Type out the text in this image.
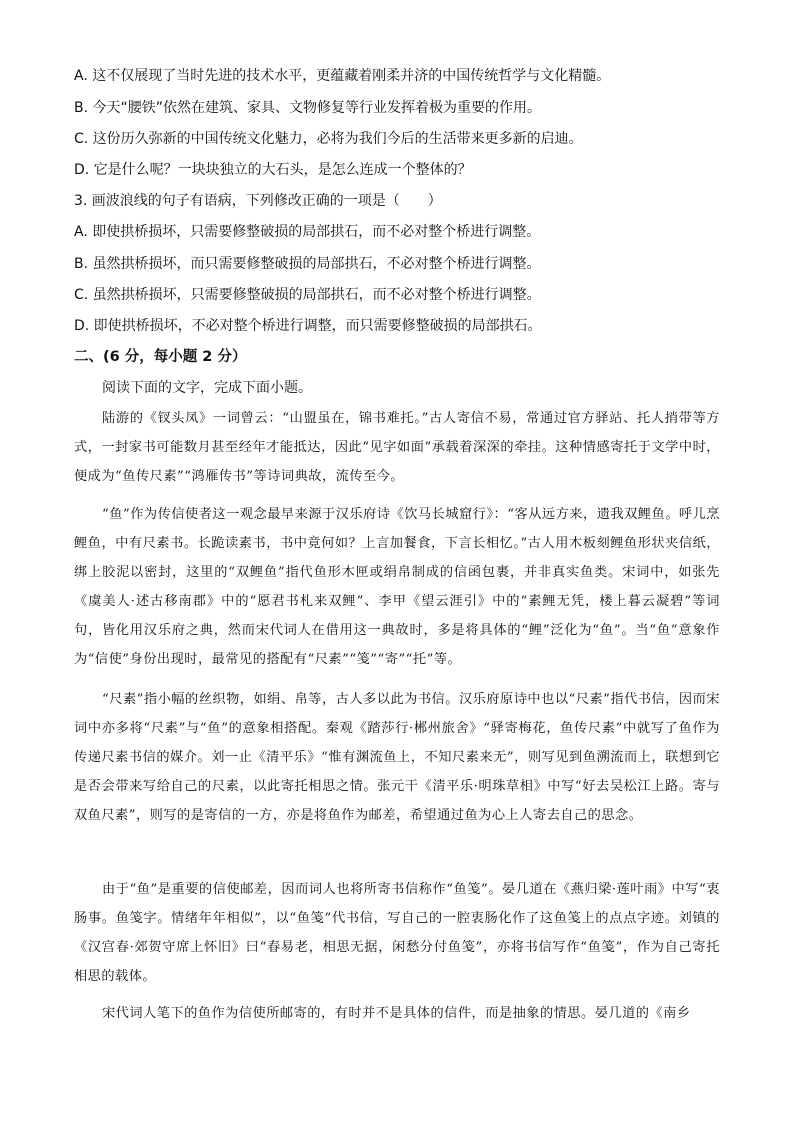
A. 这不仅展现了当时先进的技术水平，更蕴藏着刚柔并济的中国传统哲学与文化精髓。
B. 今天“腰铁”依然在建筑、家具、文物修复等行业发挥着极为重要的作用。
C. 这份历久弥新的中国传统文化魅力，必将为我们今后的生活带来更多新的启迪。
D. 它是什么呢？一块块独立的大石头，是怎么连成一个整体的？
3. 画波浪线的句子有语病，下列修改正确的一项是（　　）
A. 即使拱桥损坏，只需要修整破损的局部拱石，而不必对整个桥进行调整。
B. 虽然拱桥损坏，而只需要修整破损的局部拱石，不必对整个桥进行调整。
C. 虽然拱桥损坏，只需要修整破损的局部拱石，而不必对整个桥进行调整。
D. 即使拱桥损坏，不必对整个桥进行调整，而只需要修整破损的局部拱石。
二、(6 分，每小题 2 分）
阅读下面的文字，完成下面小题。

陆游的《钗头凤》一词曾云：“山盟虽在，锦书难托。”古人寄信不易，常通过官方驿站、托人捎带等方式，一封家书可能数月甚至经年才能抵达，因此“见字如面”承载着深深的牵挂。这种情感寄托于文学中时，便成为“鱼传尺素”“鸿雁传书”等诗词典故，流传至今。

“鱼”作为传信使者这一观念最早来源于汉乐府诗《饮马长城窟行》：“客从远方来，遗我双鲤鱼。呼儿烹鲤鱼，中有尺素书。长跪读素书，书中竟何如？上言加餐食，下言长相忆。”古人用木板刻鲤鱼形状夹信纸，绑上胶泥以密封，这里的“双鲤鱼”指代鱼形木匣或绢帛制成的信函包裹，并非真实鱼类。宋词中，如张先《虞美人·述古移南郡》中的“愿君书札来双鲤”、李甲《望云涯引》中的“素鲤无凭，楼上暮云凝碧”等词句，皆化用汉乐府之典，然而宋代词人在借用这一典故时，多是将具体的“鲤”泛化为“鱼”。当“鱼”意象作为“信使”身份出现时，最常见的搭配有“尺素”“笺”“寄”“托”等。

“尺素”指小幅的丝织物，如绢、帛等，古人多以此为书信。汉乐府原诗中也以“尺素”指代书信，因而宋词中亦多将“尺素”与“鱼”的意象相搭配。秦观《踏莎行·郴州旅舍》“驿寄梅花，鱼传尺素”中就写了鱼作为传递尺素书信的媒介。刘一止《清平乐》“惟有渊流鱼上，不知尺素来无”，则写见到鱼溯流而上，联想到它是否会带来写给自己的尺素，以此寄托相思之情。张元干《清平乐·明珠草相》中写“好去吴松江上路。寄与双鱼尺素”，则写的是寄信的一方，亦是将鱼作为邮差，希望通过鱼为心上人寄去自己的思念。

由于“鱼”是重要的信使邮差，因而词人也将所寄书信称作“鱼笺”。晏几道在《燕归梁·莲叶雨》中写“衷肠事。鱼笺字。情绪年年相似”，以“鱼笺”代书信，写自己的一腔衷肠化作了这鱼笺上的点点字迹。刘镇的《汉宫春·郊贺守席上怀旧》曰“春易老，相思无据，闲愁分付鱼笺”，亦将书信写作“鱼笺”，作为自己寄托相思的载体。

宋代词人笔下的鱼作为信使所邮寄的，有时并不是具体的信件，而是抽象的情思。晏几道的《南乡
